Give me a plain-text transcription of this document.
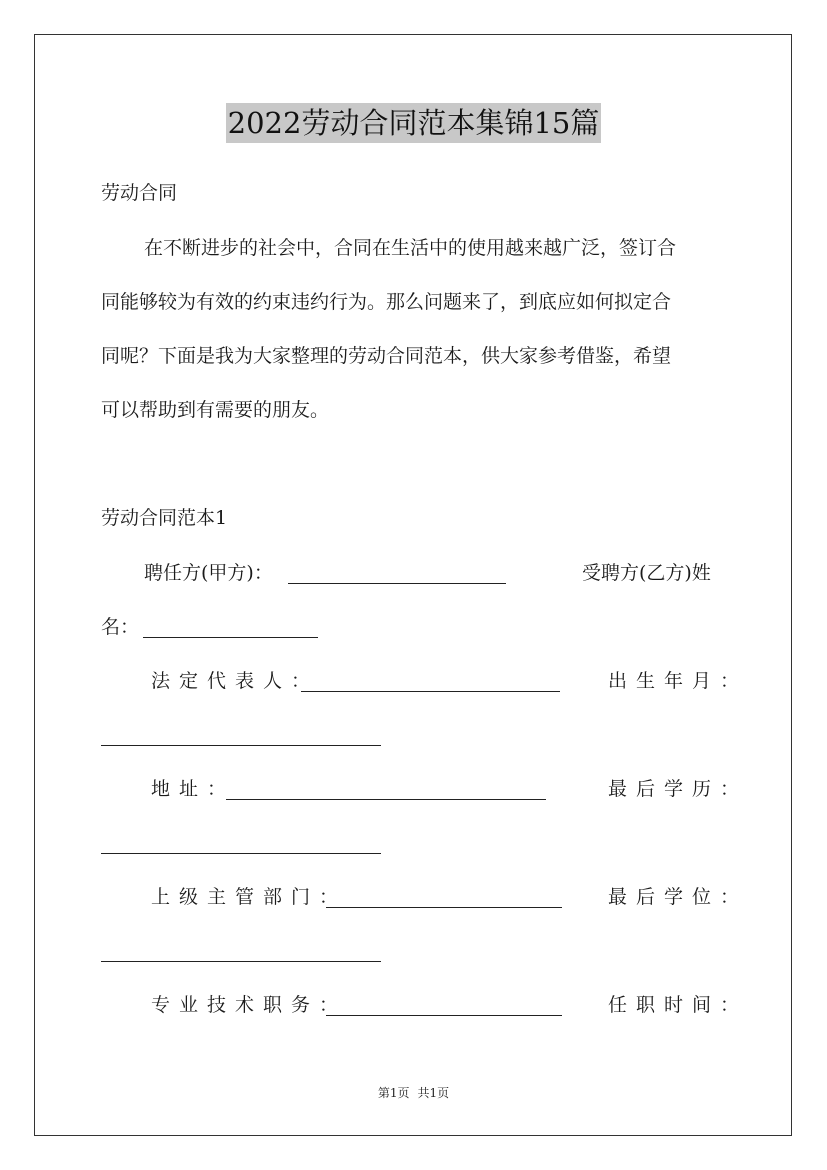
2022劳动合同范本集锦15篇
劳动合同
在不断进步的社会中，合同在生活中的使用越来越广泛，签订合
同能够较为有效的约束违约行为。那么问题来了，到底应如何拟定合
同呢？下面是我为大家整理的劳动合同范本，供大家参考借鉴，希望
可以帮助到有需要的朋友。
劳动合同范本1
聘任方(甲方)：	受聘方(乙方)姓
名：
法定代表人：	出生年月：
地址：	最后学历：
上级主管部门：	最后学位：
专业技术职务：	任职时间：
第1页 共1页
